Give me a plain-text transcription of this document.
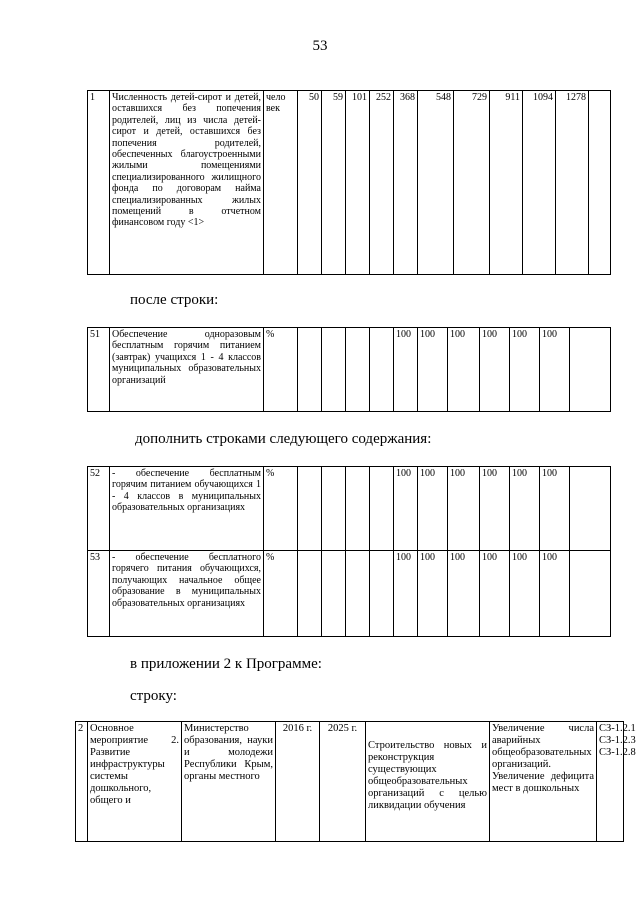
53
1	Численность детей-сирот и детей, оставшихся без попечения родителей, лиц из числа детей-сирот и детей, оставшихся без попечения родителей, обеспеченных благоустроенными жилыми помещениями специализированного жилищного фонда по договорам найма специализированных жилых помещений в отчетном финансовом году <1>	чело век	50	59	101	252	368	548	729	911	1094	1278	
после строки:
51	Обеспечение одноразовым бесплатным горячим питанием (завтрак) учащихся 1 - 4 классов муниципальных образовательных организаций	%					100	100	100	100	100	100	
дополнить строками следующего содержания:
52	- обеспечение бесплатным горячим питанием обучающихся 1 - 4 классов в муниципальных образовательных организациях	%					100	100	100	100	100	100	
53	- обеспечение бесплатного горячего питания обучающихся, получающих начальное общее образование в муниципальных образовательных организациях	%					100	100	100	100	100	100	
в приложении 2 к Программе:
строку:
2	Основное мероприятие 2. Развитие инфраструктуры системы дошкольного, общего и	Министерство образования, науки и молодежи Республики Крым, органы местного	2016 г.	2025 г.	Строительство новых и реконструкция существующих общеобразовательных организаций с целью ликвидации обучения	Увеличение числа аварийных общеобразовательных организаций. Увеличение дефицита мест в дошкольных	СЗ-1.2.1 СЗ-1.2.3 СЗ-1.2.8
